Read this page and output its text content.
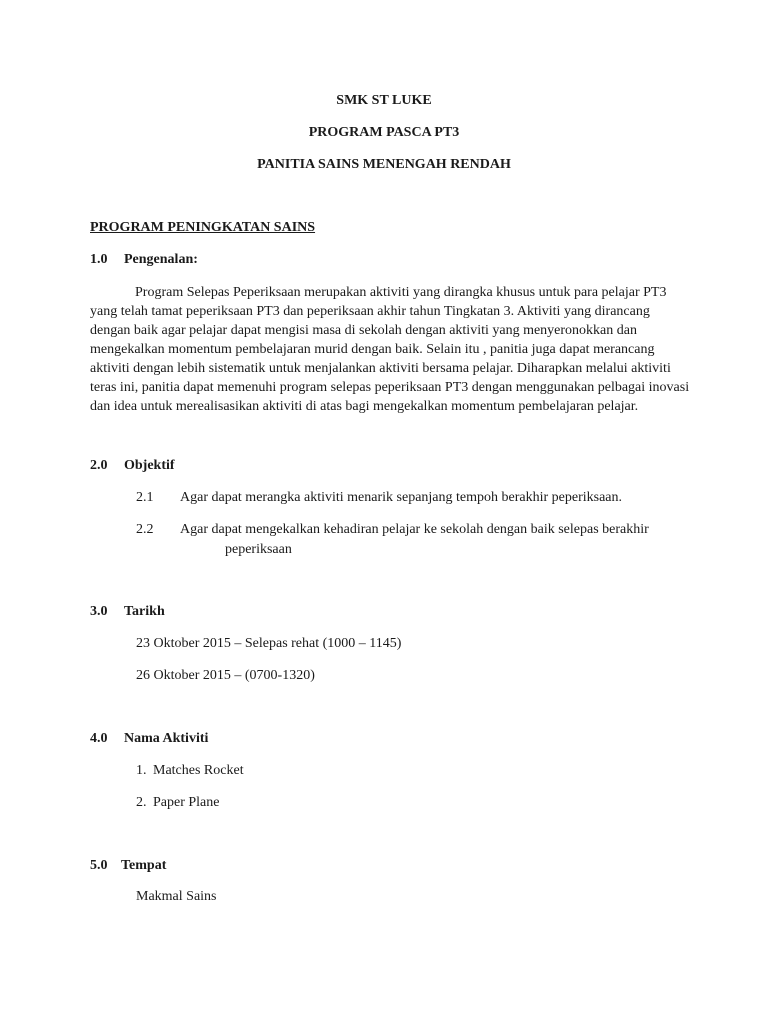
SMK ST LUKE
PROGRAM PASCA PT3
PANITIA SAINS MENENGAH RENDAH
PROGRAM PENINGKATAN SAINS
1.0 Pengenalan:
Program Selepas Peperiksaan merupakan aktiviti yang dirangka khusus untuk para pelajar PT3 yang telah tamat peperiksaan PT3 dan peperiksaan akhir tahun Tingkatan 3. Aktiviti yang dirancang dengan baik agar pelajar dapat mengisi masa di sekolah dengan aktiviti yang menyeronokkan dan mengekalkan momentum pembelajaran murid dengan baik. Selain itu , panitia juga dapat merancang aktiviti dengan lebih sistematik untuk menjalankan aktiviti bersama pelajar. Diharapkan melalui aktiviti teras ini, panitia dapat memenuhi program selepas peperiksaan PT3 dengan menggunakan pelbagai inovasi dan idea untuk merealisasikan aktiviti di atas bagi mengekalkan momentum pembelajaran pelajar.
2.0 Objektif
2.1 Agar dapat merangka aktiviti menarik sepanjang tempoh berakhir peperiksaan.
2.2 Agar dapat mengekalkan kehadiran pelajar ke sekolah dengan baik selepas berakhir
peperiksaan
3.0 Tarikh
23 Oktober 2015 – Selepas rehat (1000 – 1145)
26 Oktober 2015 – (0700-1320)
4.0 Nama Aktiviti
1. Matches Rocket
2. Paper Plane
5.0 Tempat
Makmal Sains
